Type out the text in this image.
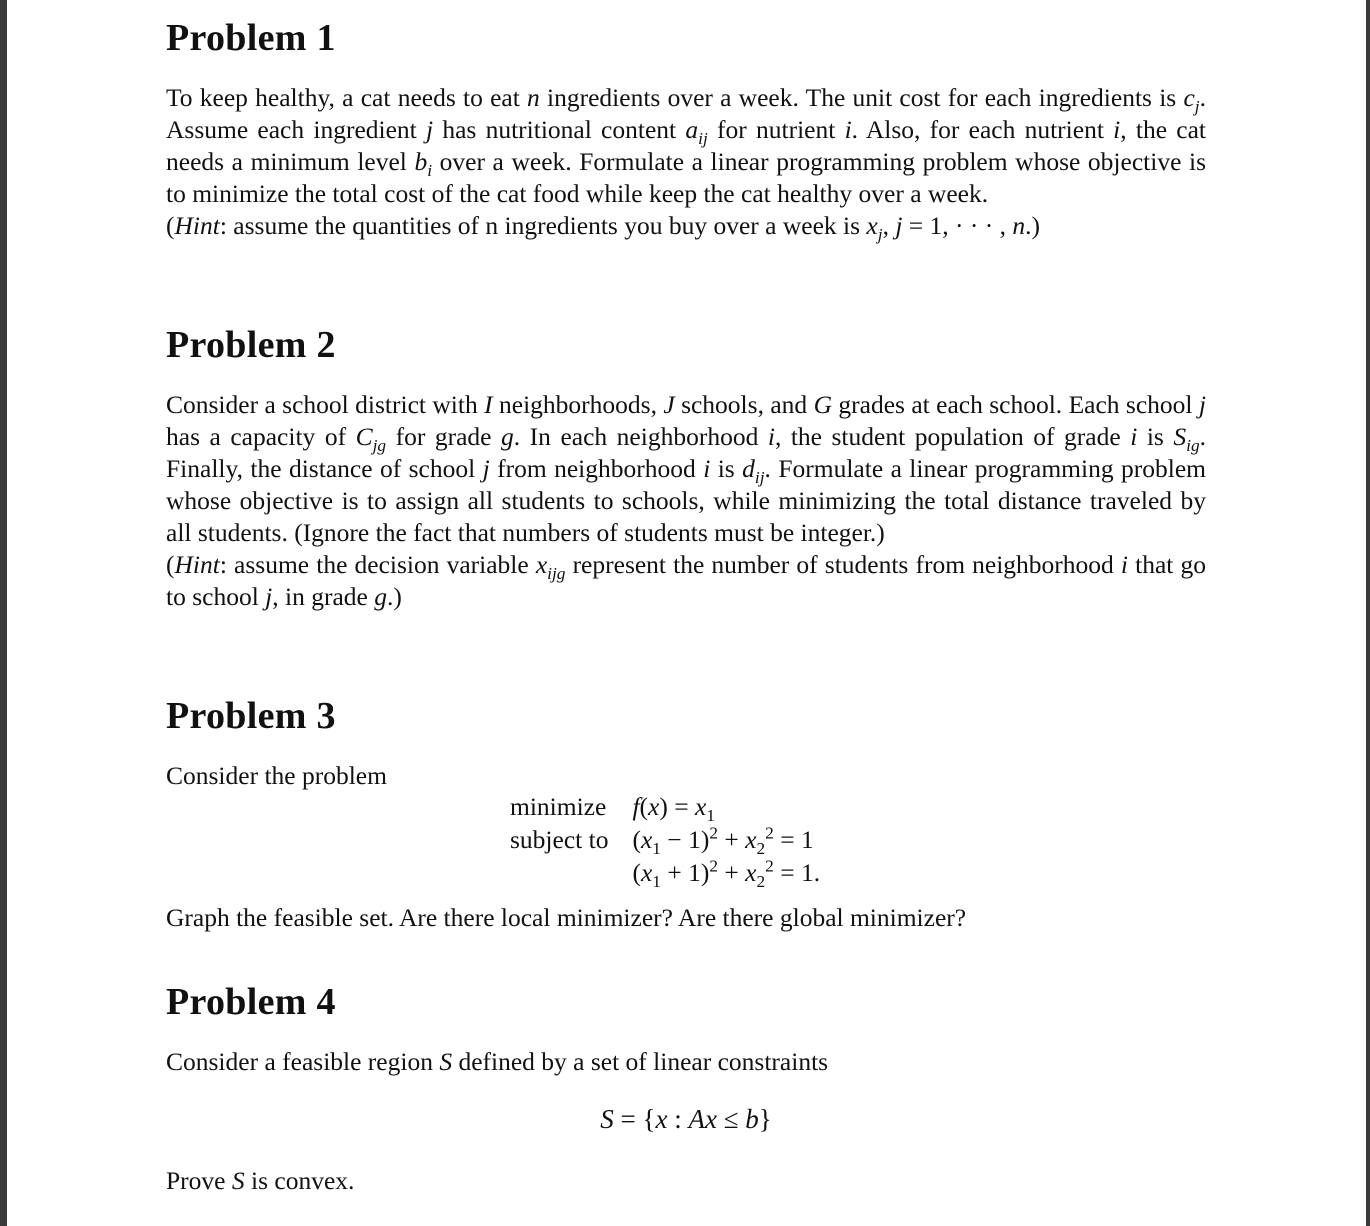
Problem 1

To keep healthy, a cat needs to eat n ingredients over a week. The unit cost for each ingredients is $c_j$. Assume each ingredient j has nutritional content $a_{ij}$ for nutrient i. Also, for each nutrient i, the cat needs a minimum level $b_i$ over a week. Formulate a linear programming problem whose objective is to minimize the total cost of the cat food while keep the cat healthy over a week.
(Hint: assume the quantities of n ingredients you buy over a week is $x_j$, j = 1, · · · , n.)

Problem 2

Consider a school district with I neighborhoods, J schools, and G grades at each school. Each school j has a capacity of $C_{jg}$ for grade g. In each neighborhood i, the student population of grade i is $S_{ig}$. Finally, the distance of school j from neighborhood i is $d_{ij}$. Formulate a linear programming problem whose objective is to assign all students to schools, while minimizing the total distance traveled by all students. (Ignore the fact that numbers of students must be integer.)
(Hint: assume the decision variable $x_{ijg}$ represent the number of students from neighborhood i that go to school j, in grade g.)

Problem 3

Consider the problem

minimize	$f(x) = x_1$
subject to	$(x_1 - 1)^2 + x_2^2 = 1$
	$(x_1 + 1)^2 + x_2^2 = 1$.

Graph the feasible set. Are there local minimizer? Are there global minimizer?

Problem 4

Consider a feasible region S defined by a set of linear constraints

S = {x : Ax ≤ b}

Prove S is convex.
